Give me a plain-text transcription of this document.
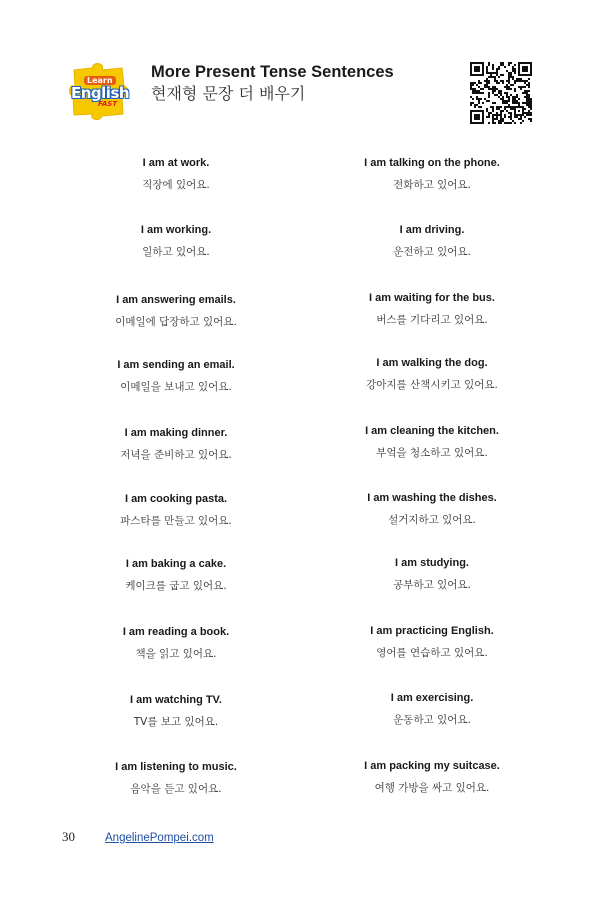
Learn
English
FAST
More Present Tense Sentences
현재형 문장 더 배우기
I am at work.
직장에 있어요.
I am working.
일하고 있어요.
I am answering emails.
이메일에 답장하고 있어요.
I am sending an email.
이메일을 보내고 있어요.
I am making dinner.
저녁을 준비하고 있어요.
I am cooking pasta.
파스타를 만들고 있어요.
I am baking a cake.
케이크를 굽고 있어요.
I am reading a book.
책을 읽고 있어요.
I am watching TV.
TV를 보고 있어요.
I am listening to music.
음악을 듣고 있어요.
I am talking on the phone.
전화하고 있어요.
I am driving.
운전하고 있어요.
I am waiting for the bus.
버스를 기다리고 있어요.
I am walking the dog.
강아지를 산책시키고 있어요.
I am cleaning the kitchen.
부엌을 청소하고 있어요.
I am washing the dishes.
설거지하고 있어요.
I am studying.
공부하고 있어요.
I am practicing English.
영어를 연습하고 있어요.
I am exercising.
운동하고 있어요.
I am packing my suitcase.
여행 가방을 싸고 있어요.
30	AngelinePompei.com
